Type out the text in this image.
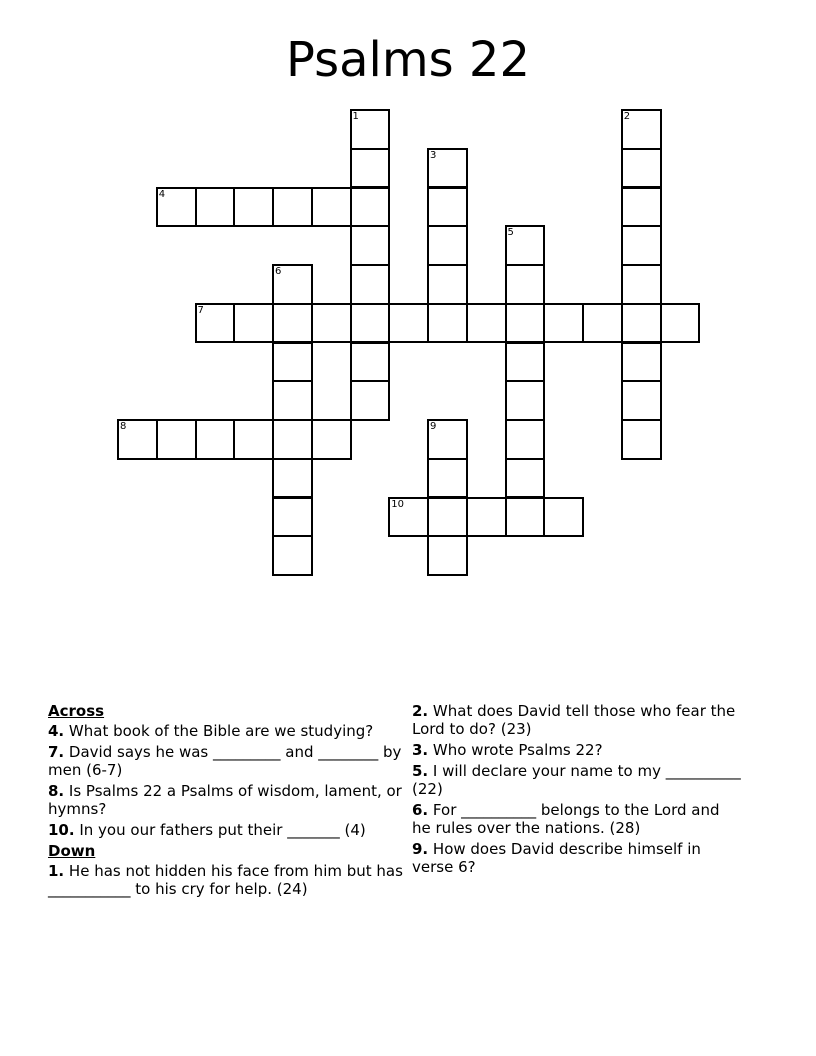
Psalms 22
1	2
3
4
5
6
7
8	9
10
Across
4. What book of the Bible are we studying?
7. David says he was _________ and ________ by men (6-7)
8. Is Psalms 22 a Psalms of wisdom, lament, or hymns?
10. In you our fathers put their _______ (4)
Down
1. He has not hidden his face from him but has ___________ to his cry for help. (24)
2. What does David tell those who fear the Lord to do? (23)
3. Who wrote Psalms 22?
5. I will declare your name to my __________ (22)
6. For __________ belongs to the Lord and he rules over the nations. (28)
9. How does David describe himself in verse 6?
